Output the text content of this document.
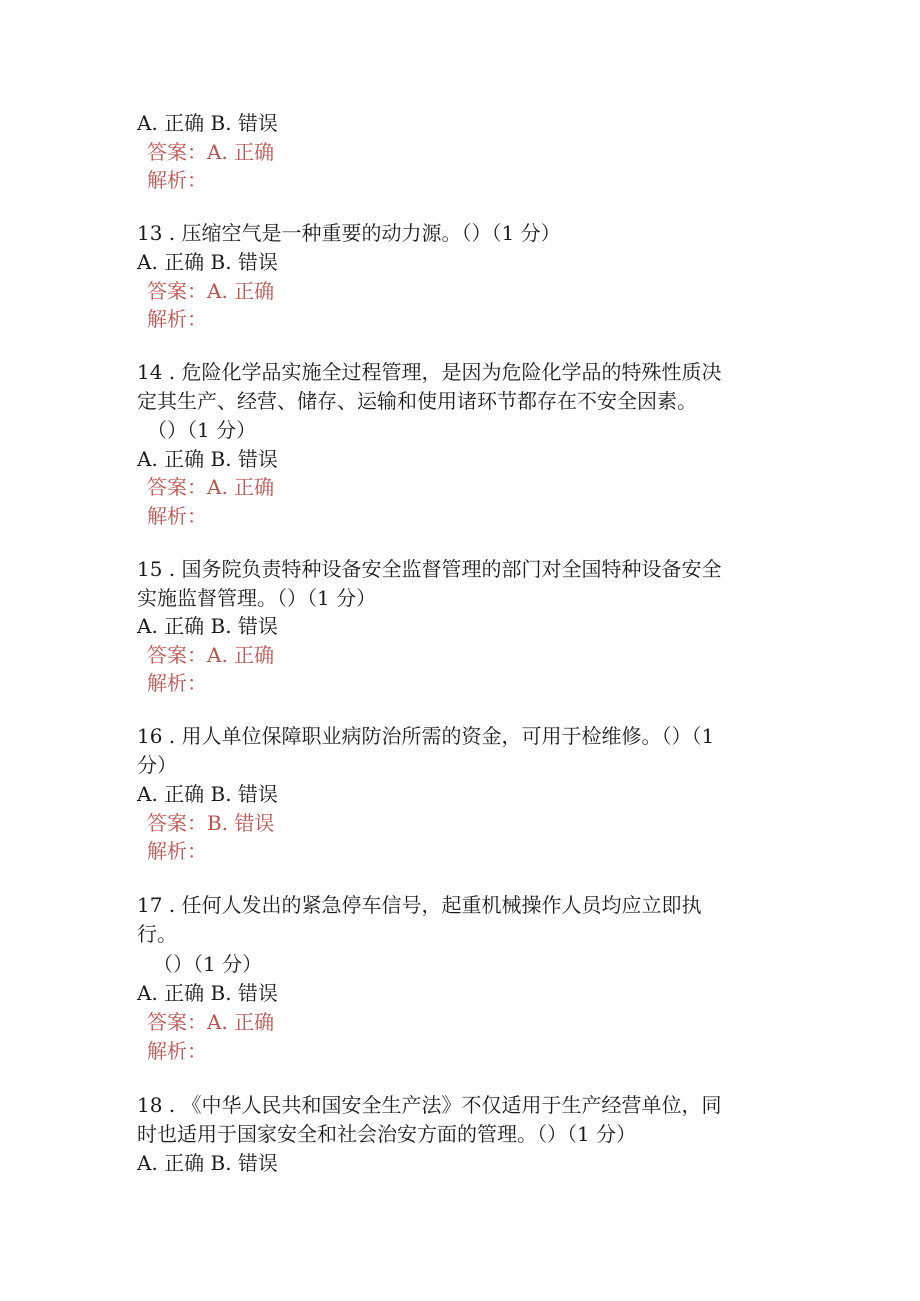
A. 正确 B. 错误
答案：A. 正确
解析：
13 . 压缩空气是一种重要的动力源。（）（1 分）
A. 正确 B. 错误
答案：A. 正确
解析：
14 . 危险化学品实施全过程管理，是因为危险化学品的特殊性质决
定其生产、经营、储存、运输和使用诸环节都存在不安全因素。
（）（1 分）
A. 正确 B. 错误
答案：A. 正确
解析：
15 . 国务院负责特种设备安全监督管理的部门对全国特种设备安全
实施监督管理。（）（1 分）
A. 正确 B. 错误
答案：A. 正确
解析：
16 . 用人单位保障职业病防治所需的资金，可用于检维修。（）（1
分）
A. 正确 B. 错误
答案：B. 错误
解析：
17 . 任何人发出的紧急停车信号，起重机械操作人员均应立即执
行。
（）（1 分）
A. 正确 B. 错误
答案：A. 正确
解析：
18 . 《中华人民共和国安全生产法》不仅适用于生产经营单位，同
时也适用于国家安全和社会治安方面的管理。（）（1 分）
A. 正确 B. 错误
